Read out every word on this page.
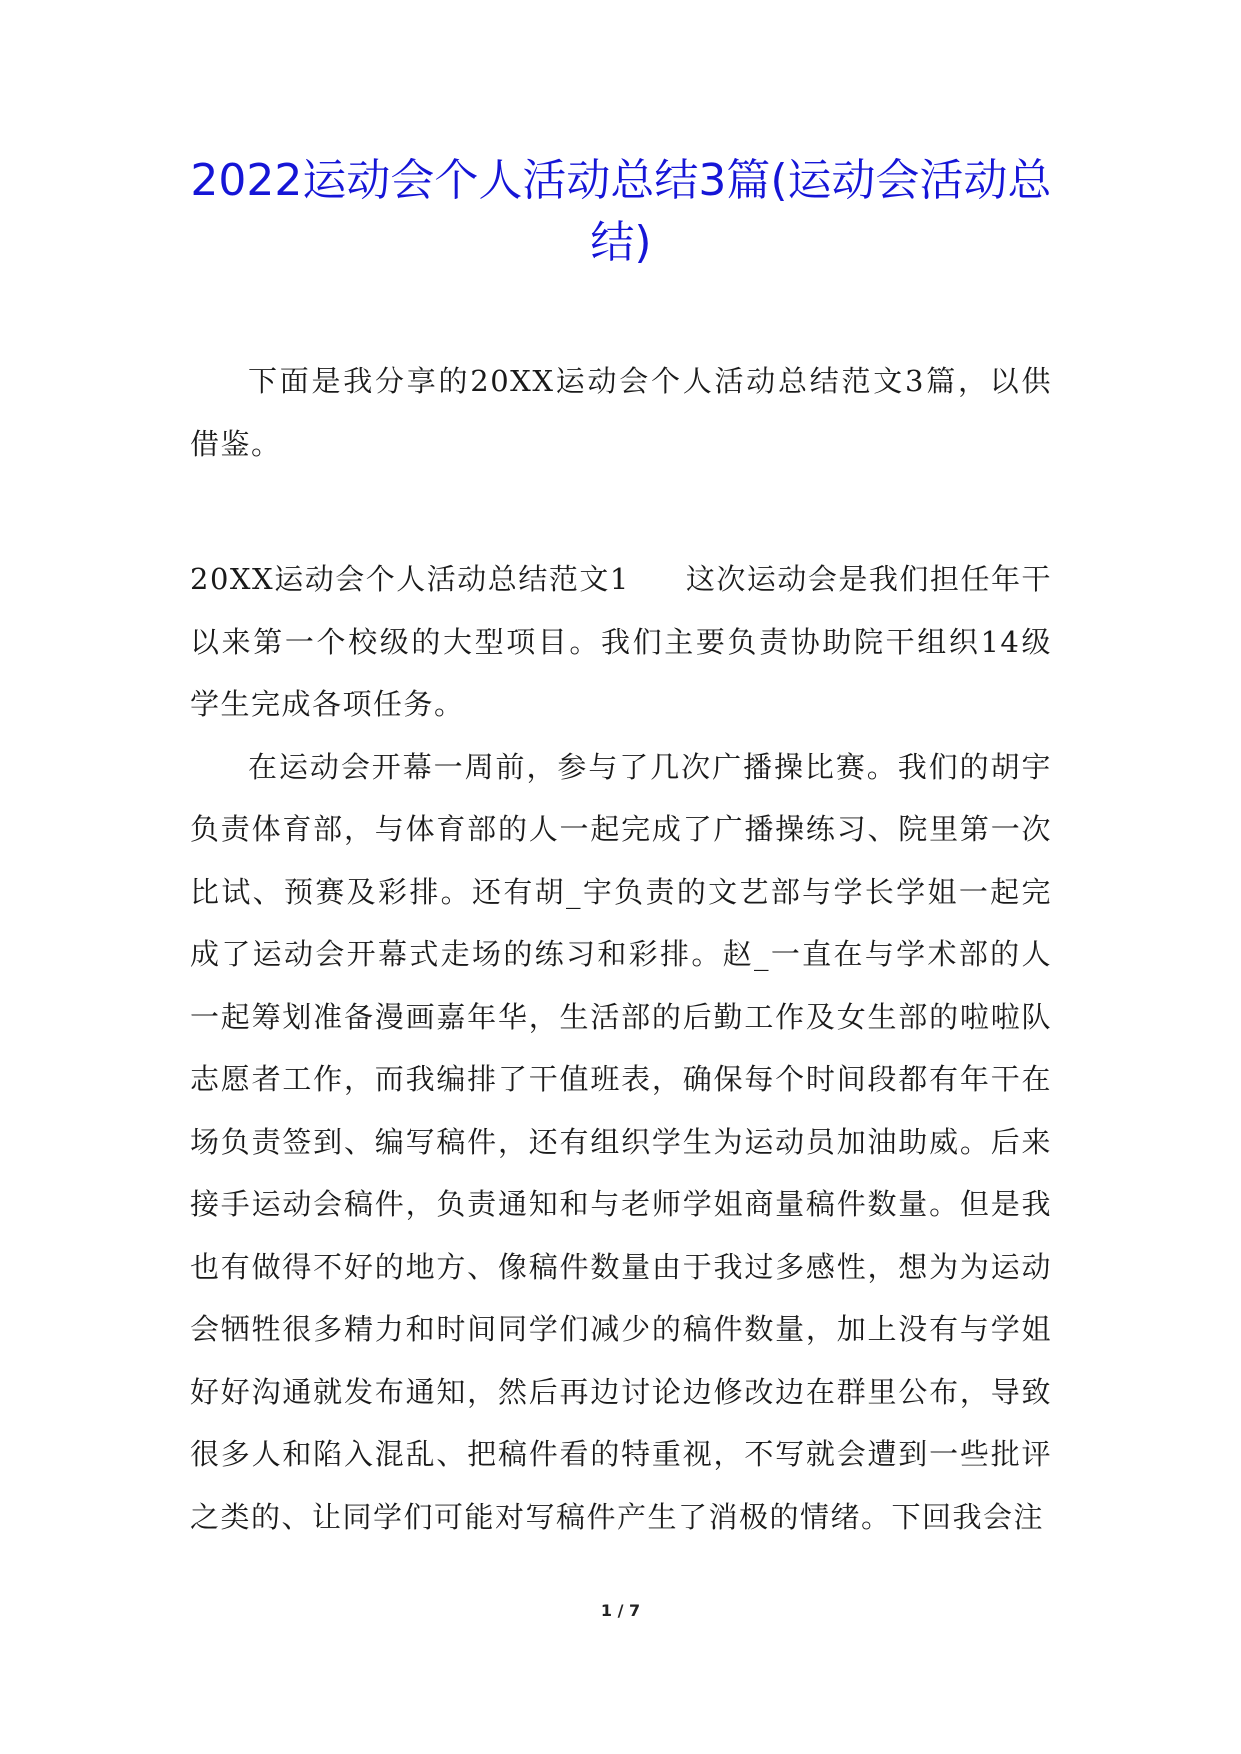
2022运动会个人活动总结3篇(运动会活动总结)

下面是我分享的20XX运动会个人活动总结范文3篇，以供借鉴。

20XX运动会个人活动总结范文1 这次运动会是我们担任年干以来第一个校级的大型项目。我们主要负责协助院干组织14级学生完成各项任务。

在运动会开幕一周前，参与了几次广播操比赛。我们的胡宇负责体育部，与体育部的人一起完成了广播操练习、院里第一次比试、预赛及彩排。还有胡_宇负责的文艺部与学长学姐一起完成了运动会开幕式走场的练习和彩排。赵_一直在与学术部的人一起筹划准备漫画嘉年华，生活部的后勤工作及女生部的啦啦队志愿者工作，而我编排了干值班表，确保每个时间段都有年干在场负责签到、编写稿件，还有组织学生为运动员加油助威。后来接手运动会稿件，负责通知和与老师学姐商量稿件数量。但是我也有做得不好的地方、像稿件数量由于我过多感性，想为为运动会牺牲很多精力和时间同学们减少的稿件数量，加上没有与学姐好好沟通就发布通知，然后再边讨论边修改边在群里公布，导致很多人和陷入混乱、把稿件看的特重视，不写就会遭到一些批评之类的、让同学们可能对写稿件产生了消极的情绪。下回我会注

1 / 7
